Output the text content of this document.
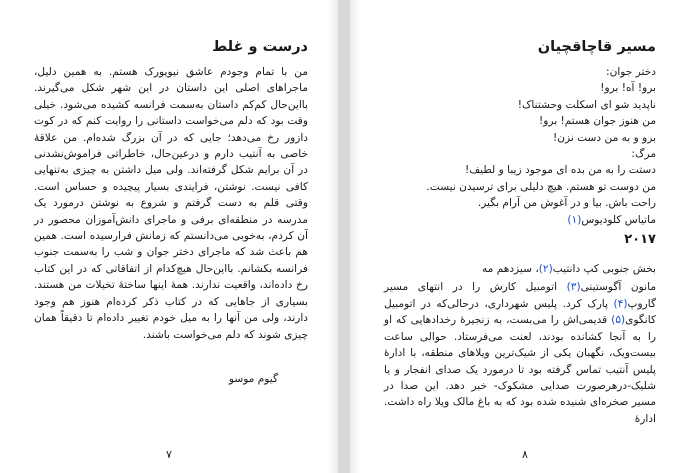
درست و غلط

من با تمام وجودم عاشق نیویورک هستم. به همین دلیل، ماجراهای اصلی این داستان در این شهر شکل می‌گیرند. بااین‌حال کم‌کم داستان به‌سمت فرانسه کشیده می‌شود. خیلی وقت بود که دلم می‌خواست داستانی را روایت کنم که در کوت دازور رخ می‌دهد؛ جایی که در آن بزرگ شده‌ام. من علاقهٔ خاصی به آنتیب دارم و درعین‌حال، خاطراتی فراموش‌نشدنی در آن برایم شکل گرفته‌اند. ولی میل داشتن به چیزی به‌تنهایی کافی نیست. نوشتن، فرایندی بسیار پیچیده و حساس است. وقتی قلم به دست گرفتم و شروع به نوشتن درمورد یک مدرسه در منطقه‌ای برفی و ماجرای دانش‌آموزان محصور در آن کردم، به‌خوبی می‌دانستم که زمانش فرارسیده است. همین هم باعث شد که ماجرای دختر جوان و شب را به‌سمت جنوب فرانسه بکشانم. بااین‌حال هیچ‌کدام از اتفاقاتی که در این کتاب رخ داده‌اند، واقعیت ندارند. همهٔ اینها ساختهٔ تخیلات من هستند. بسیاری از جاهایی که در کتاب ذکر کرده‌ام هنوز هم وجود دارند، ولی من آنها را به میل خودم تغییر داده‌ام تا دقیقاً همان چیزی شوند که دلم می‌خواست باشند.

گیوم موسو
۷
مسیر قاچاقچیان
دختر جوان:
برو! آه! برو!
ناپدید شو ای اسکلت وحشتناک!
من هنوز جوان هستم! برو!
برو و به من دست نزن!
مرگ:
دستت را به من بده ای موجود زیبا و لطیف!
من دوست تو هستم. هیچ دلیلی برای ترسیدن نیست.
راحت باش. بیا و در آغوش من آرام بگیر.
ماتیاس کلودیوس(۱)
۲۰۱۷

بخش جنوبی کپ دانتیب(۲)، سیزدهم مه

مانون آگوستینی(۳) اتومبیل کارش را در انتهای مسیر گاروپ(۴) پارک کرد. پلیس شهرداری، درحالی‌که در اتومبیل کانگوی(۵) قدیمی‌اش را می‌بست، به زنجیرهٔ رخدادهایی که او را به آنجا کشانده بودند، لعنت می‌فرستاد. حوالی ساعت بیست‌ویک، نگهبان یکی از شیک‌ترین ویلاهای منطقه، با ادارهٔ پلیس آنتیب تماس گرفته بود تا درمورد یک صدای انفجار و یا شلیک-درهرصورت صدایی مشکوک- خبر دهد. این صدا در مسیر صخره‌ای شنیده شده بود که به باغ مالک ویلا راه داشت. ادارهٔ

۸
